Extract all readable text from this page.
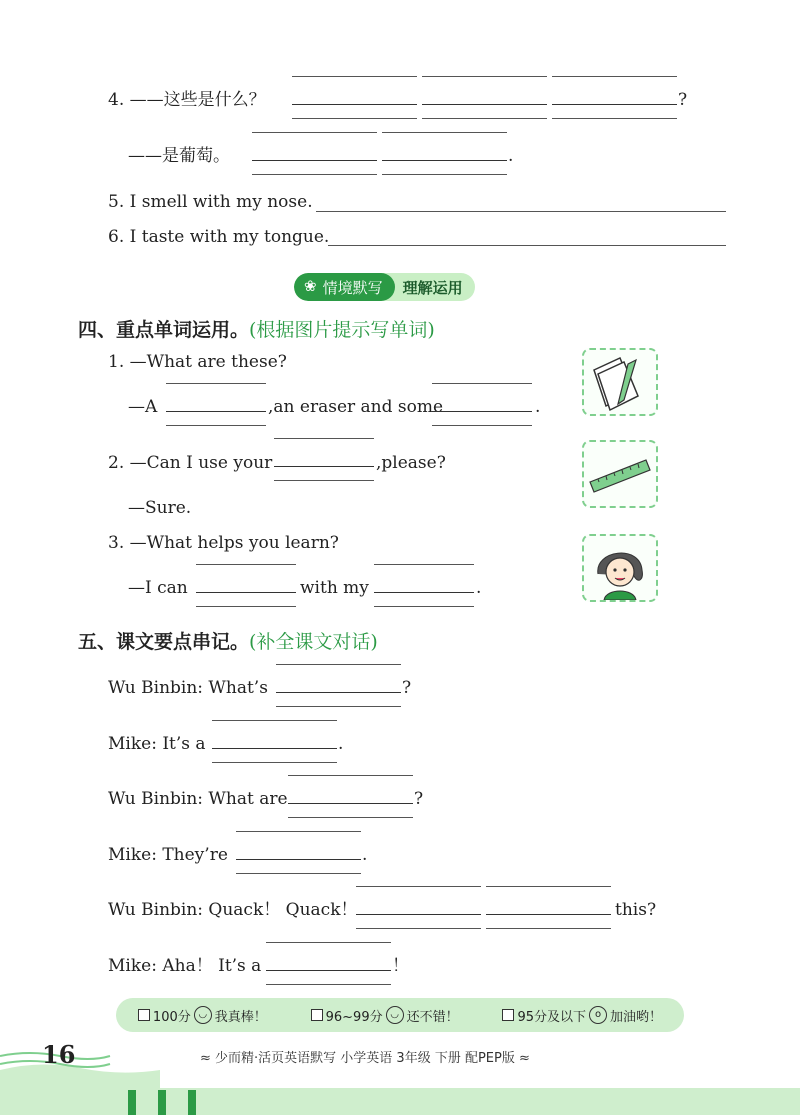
4. ——这些是什么？	?
——是葡萄。	.
5. I smell with my nose.
6. I taste with my tongue.
❀ 情境默写	理解运用
四、重点单词运用。(根据图片提示写单词)
1. —What are these?
—A	,an eraser and some	.
2. —Can I use your	,please?
—Sure.
3. —What helps you learn?
—I can	with my	.
五、课文要点串记。(补全课文对话)
Wu Binbin: What’s	?
Mike: It’s a	.
Wu Binbin: What are	?
Mike: They’re	.
Wu Binbin: Quack！ Quack！	this?
Mike: Aha！ It’s a	！
100分 ◡ 我真棒！	96~99分 ◡ 还不错！	95分及以下 o 加油哟！
16	≈ 少而精·活页英语默写 小学英语 3年级 下册 配PEP版 ≈
